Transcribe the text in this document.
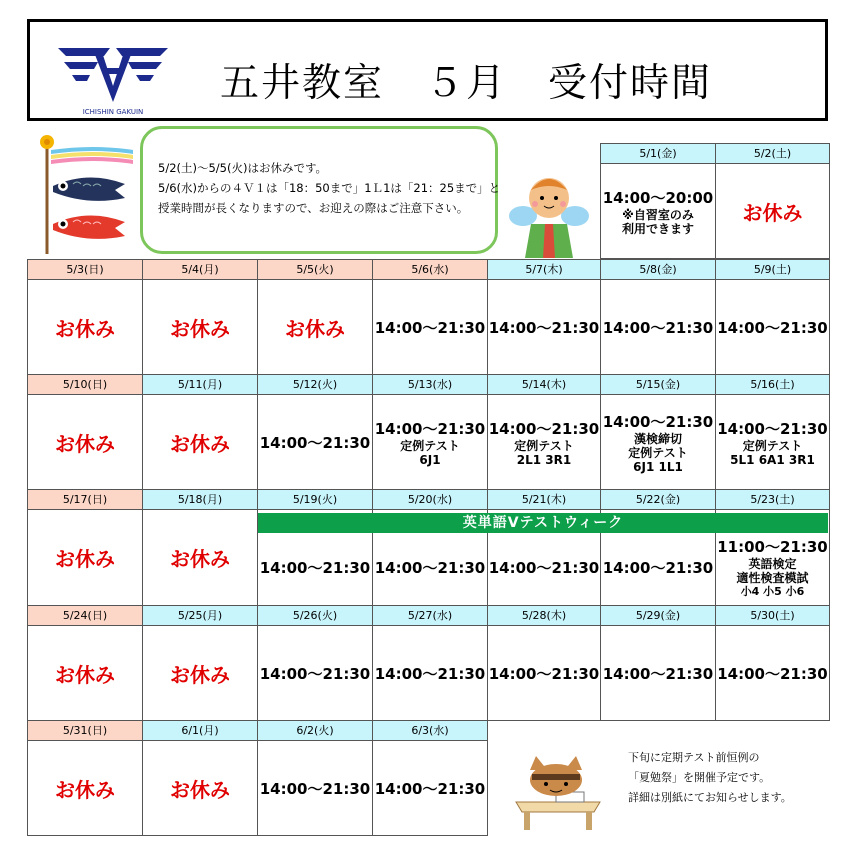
ICHISHIN GAKUIN
五井教室　５月　受付時間
5/2(土)～5/5(火)はお休みです。
5/6(水)からの４Ｖ１は「18：50まで」1Ｌ1は「21：25まで」と
授業時間が長くなりますので、お迎えの際はご注意下さい。
5/1(金)	5/2(土)
14:00～20:00
※自習室のみ
利用できます
お休み
5/3(日)	5/4(月)	5/5(火)	5/6(水)	5/7(木)	5/8(金)	5/9(土)
お休み	お休み	お休み 14:00～21:30 14:00～21:30 14:00～21:30 14:00～21:30
5/10(日)	5/11(月)	5/12(火)	5/13(水)	5/14(木)	5/15(金)	5/16(土)
お休み	お休み 14:00～21:30
14:00～21:30
定例テスト
6J1
14:00～21:30
定例テスト
2L1 3R1
14:00～21:30
漢検締切
定例テスト
6J1 1L1
14:00～21:30
定例テスト
5L1 6A1 3R1
5/17(日)	5/18(月)	5/19(火)	5/20(水)	5/21(木)	5/22(金)	5/23(土)
お休み	お休み 14:00～21:30 14:00～21:30 14:00～21:30 14:00～21:30
11:00～21:30
英語検定
適性検査模試
小4 小5 小6
英単語Vテストウィーク
5/24(日)	5/25(月)	5/26(火)	5/27(水)	5/28(木)	5/29(金)	5/30(土)
お休み	お休み 14:00～21:30 14:00～21:30 14:00～21:30 14:00～21:30 14:00～21:30
5/31(日)	6/1(月)	6/2(火)	6/3(水)
お休み	お休み 14:00～21:30 14:00～21:30
下旬に定期テスト前恒例の
「夏勉祭」を開催予定です。
詳細は別紙にてお知らせします。
